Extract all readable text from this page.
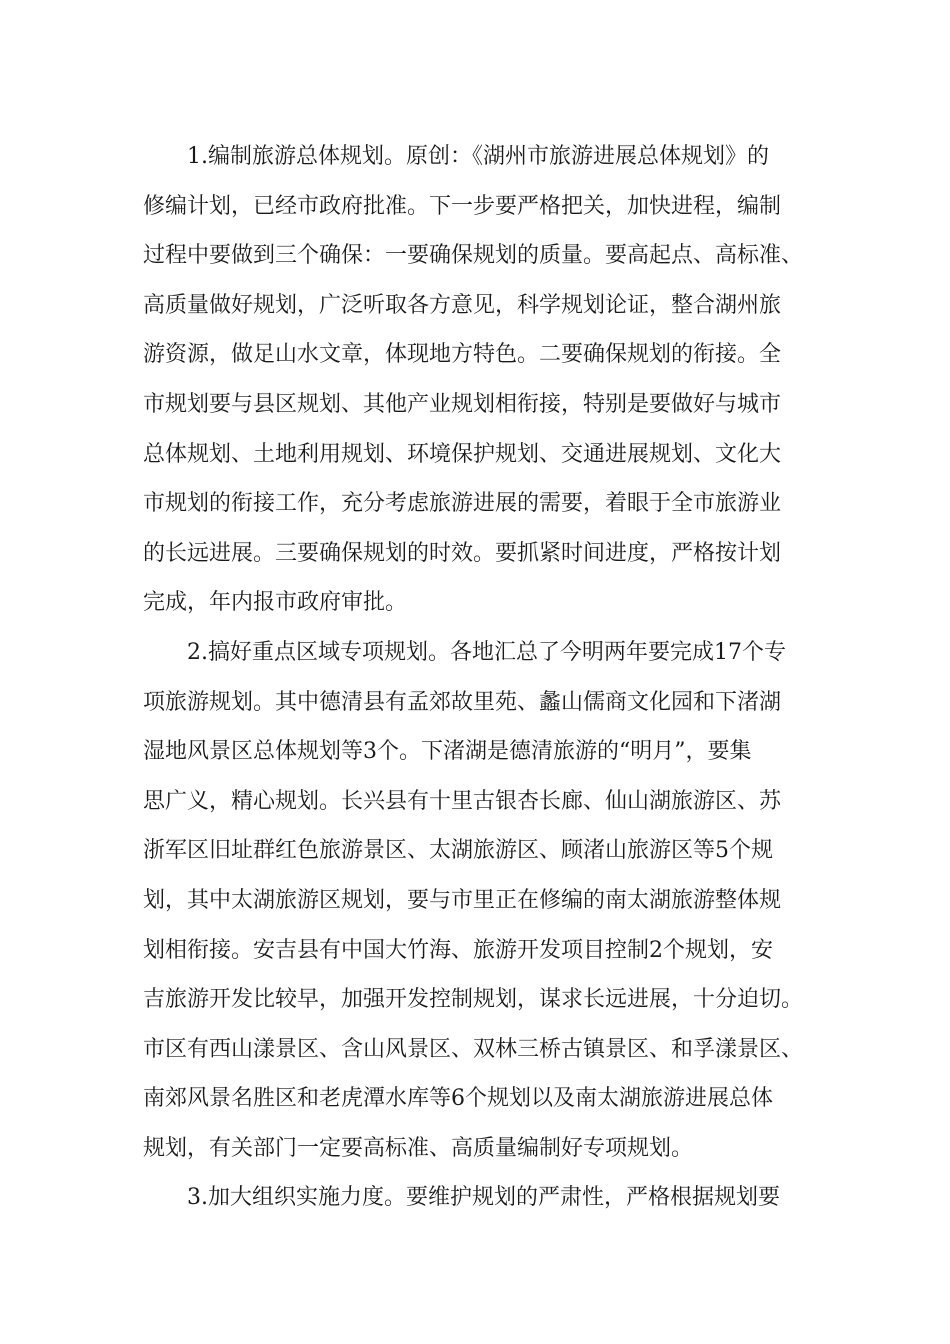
1.编制旅游总体规划。原创：《湖州市旅游进展总体规划》的
修编计划，已经市政府批准。下一步要严格把关，加快进程，编制
过程中要做到三个确保：一要确保规划的质量。要高起点、高标准、
高质量做好规划，广泛听取各方意见，科学规划论证，整合湖州旅
游资源，做足山水文章，体现地方特色。二要确保规划的衔接。全
市规划要与县区规划、其他产业规划相衔接，特别是要做好与城市
总体规划、土地利用规划、环境保护规划、交通进展规划、文化大
市规划的衔接工作，充分考虑旅游进展的需要，着眼于全市旅游业
的长远进展。三要确保规划的时效。要抓紧时间进度，严格按计划
完成，年内报市政府审批。

2.搞好重点区域专项规划。各地汇总了今明两年要完成17个专
项旅游规划。其中德清县有孟郊故里苑、蠡山儒商文化园和下渚湖
湿地风景区总体规划等3个。下渚湖是德清旅游的“明月”，要集
思广义，精心规划。长兴县有十里古银杏长廊、仙山湖旅游区、苏
浙军区旧址群红色旅游景区、太湖旅游区、顾渚山旅游区等5个规
划，其中太湖旅游区规划，要与市里正在修编的南太湖旅游整体规
划相衔接。安吉县有中国大竹海、旅游开发项目控制2个规划，安
吉旅游开发比较早，加强开发控制规划，谋求长远进展，十分迫切。
市区有西山漾景区、含山风景区、双林三桥古镇景区、和孚漾景区、
南郊风景名胜区和老虎潭水库等6个规划以及南太湖旅游进展总体
规划，有关部门一定要高标准、高质量编制好专项规划。

3.加大组织实施力度。要维护规划的严肃性，严格根据规划要
